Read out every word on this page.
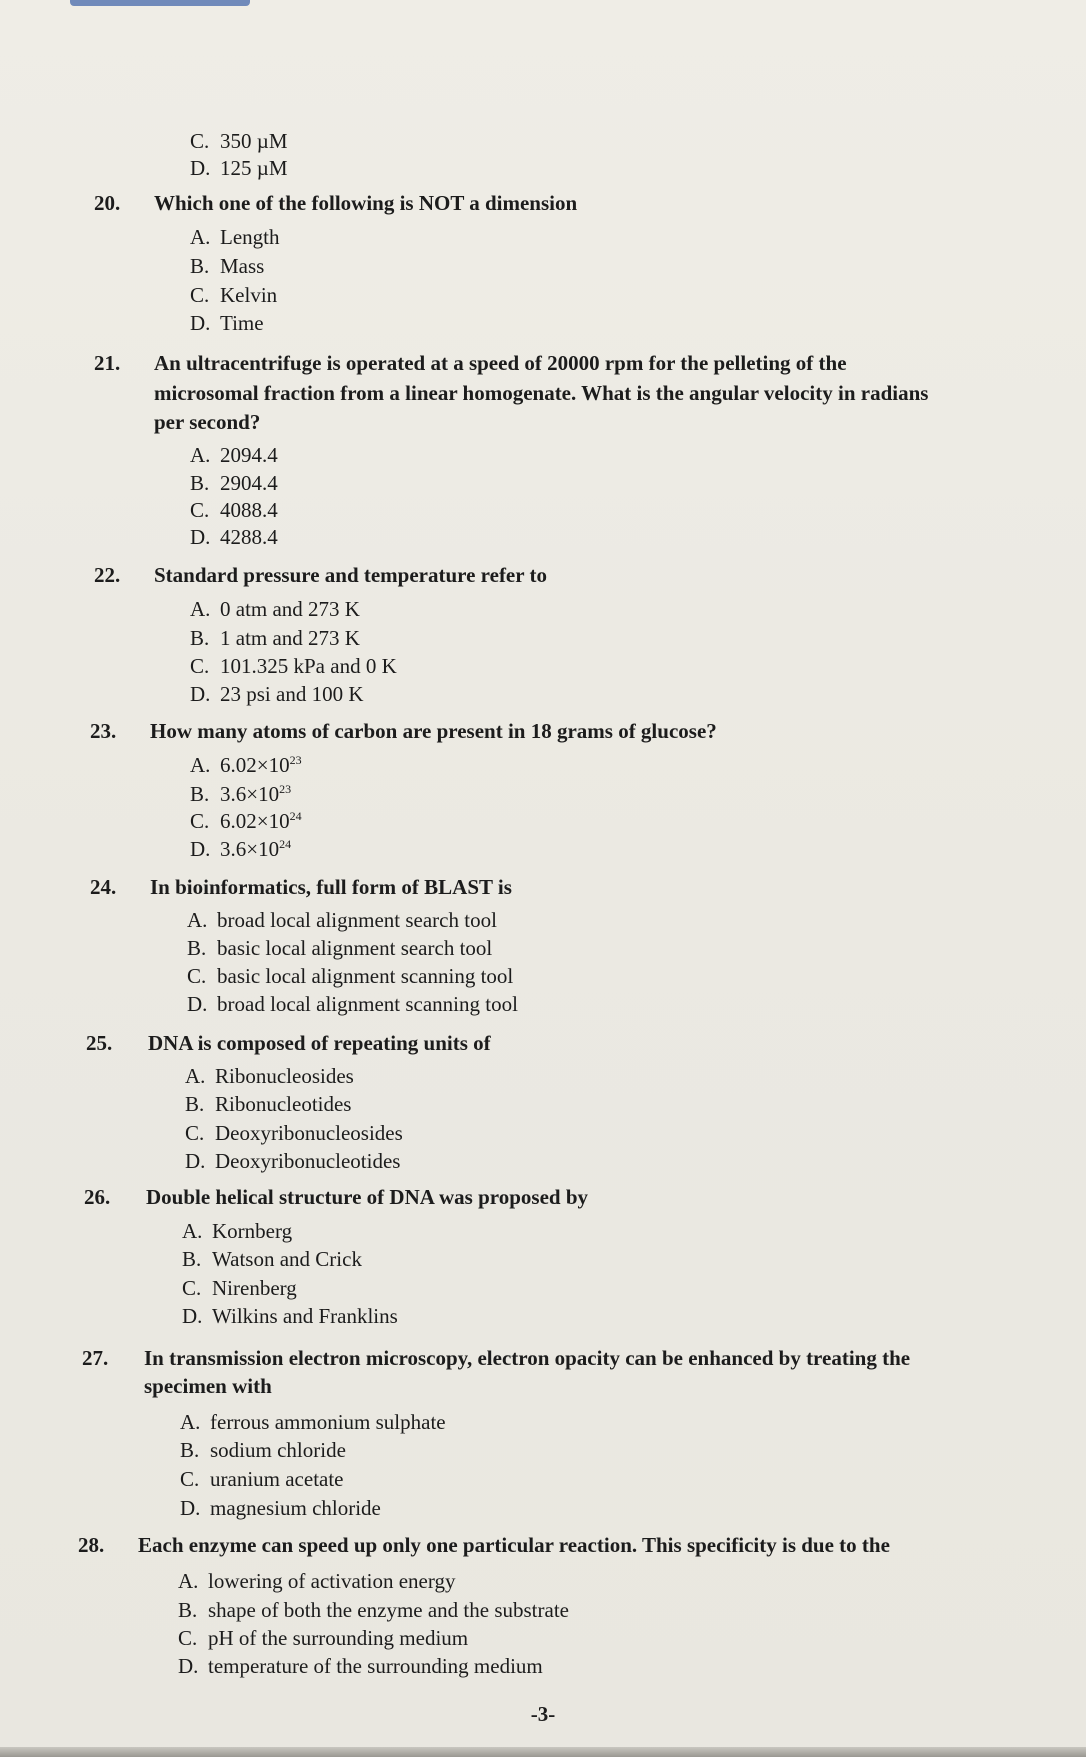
C. 350 µM
D. 125 µM
20. Which one of the following is NOT a dimension
A. Length
B. Mass
C. Kelvin
D. Time
21. An ultracentrifuge is operated at a speed of 20000 rpm for the pelleting of the
microsomal fraction from a linear homogenate. What is the angular velocity in radians
per second?
A. 2094.4
B. 2904.4
C. 4088.4
D. 4288.4
22. Standard pressure and temperature refer to
A. 0 atm and 273 K
B. 1 atm and 273 K
C. 101.325 kPa and 0 K
D. 23 psi and 100 K
23. How many atoms of carbon are present in 18 grams of glucose?
A. $6.02\times 10^{23}$
B. $3.6\times 10^{23}$
C. $6.02\times 10^{24}$
D. $3.6\times 10^{24}$
24. In bioinformatics, full form of BLAST is
A. broad local alignment search tool
B. basic local alignment search tool
C. basic local alignment scanning tool
D. broad local alignment scanning tool
25. DNA is composed of repeating units of
A. Ribonucleosides
B. Ribonucleotides
C. Deoxyribonucleosides
D. Deoxyribonucleotides
26. Double helical structure of DNA was proposed by
A. Kornberg
B. Watson and Crick
C. Nirenberg
D. Wilkins and Franklins
27. In transmission electron microscopy, electron opacity can be enhanced by treating the
specimen with
A. ferrous ammonium sulphate
B. sodium chloride
C. uranium acetate
D. magnesium chloride
28. Each enzyme can speed up only one particular reaction. This specificity is due to the
A. lowering of activation energy
B. shape of both the enzyme and the substrate
C. pH of the surrounding medium
D. temperature of the surrounding medium
-3-
